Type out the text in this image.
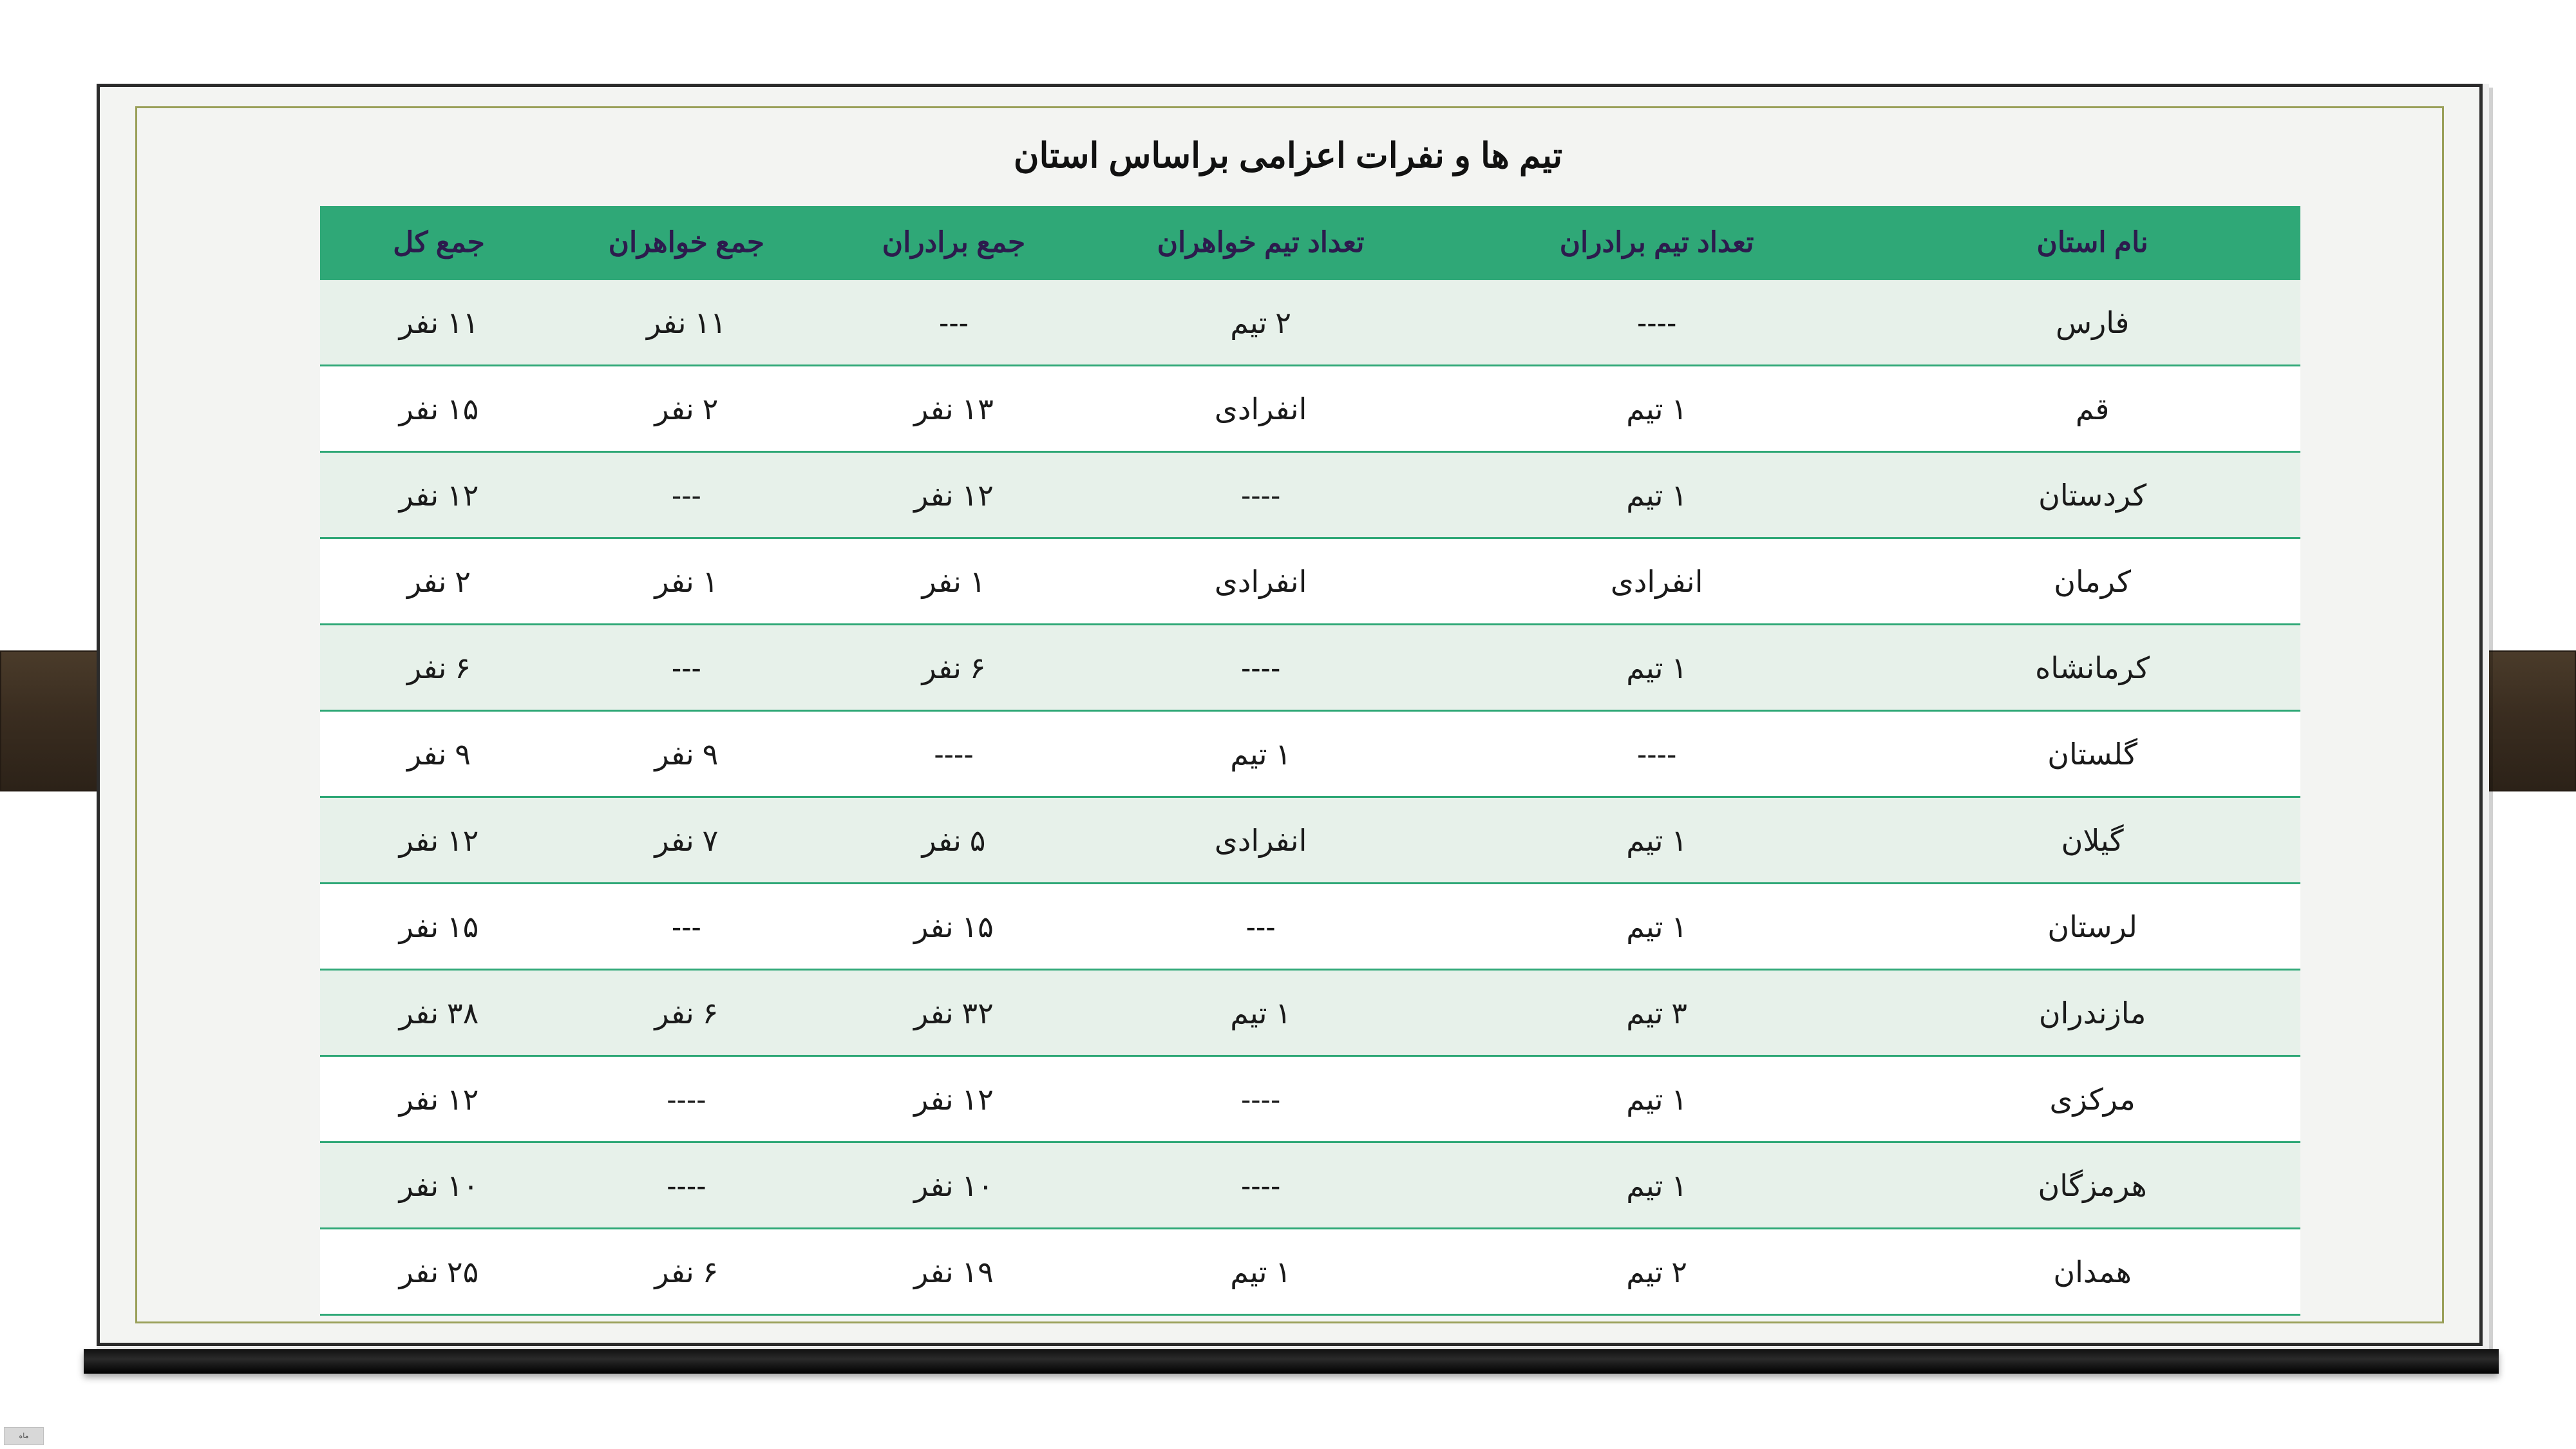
تیم ها و نفرات اعزامی براساس استان
نام استان	تعداد تیم برادران	تعداد تیم خواهران	جمع برادران	جمع خواهران	جمع کل
فارس	----	۲ تیم	---	۱۱ نفر	۱۱ نفر
قم	۱ تیم	انفرادی	۱۳ نفر	۲ نفر	۱۵ نفر
کردستان	۱ تیم	----	۱۲ نفر	---	۱۲ نفر
کرمان	انفرادی	انفرادی	۱ نفر	۱ نفر	۲ نفر
کرمانشاه	۱ تیم	----	۶ نفر	---	۶ نفر
گلستان	----	۱ تیم	----	۹ نفر	۹ نفر
گیلان	۱ تیم	انفرادی	۵ نفر	۷ نفر	۱۲ نفر
لرستان	۱ تیم	---	۱۵ نفر	---	۱۵ نفر
مازندران	۳ تیم	۱ تیم	۳۲ نفر	۶ نفر	۳۸ نفر
مرکزی	۱ تیم	----	۱۲ نفر	----	۱۲ نفر
هرمزگان	۱ تیم	----	۱۰ نفر	----	۱۰ نفر
همدان	۲ تیم	۱ تیم	۱۹ نفر	۶ نفر	۲۵ نفر
ماه
